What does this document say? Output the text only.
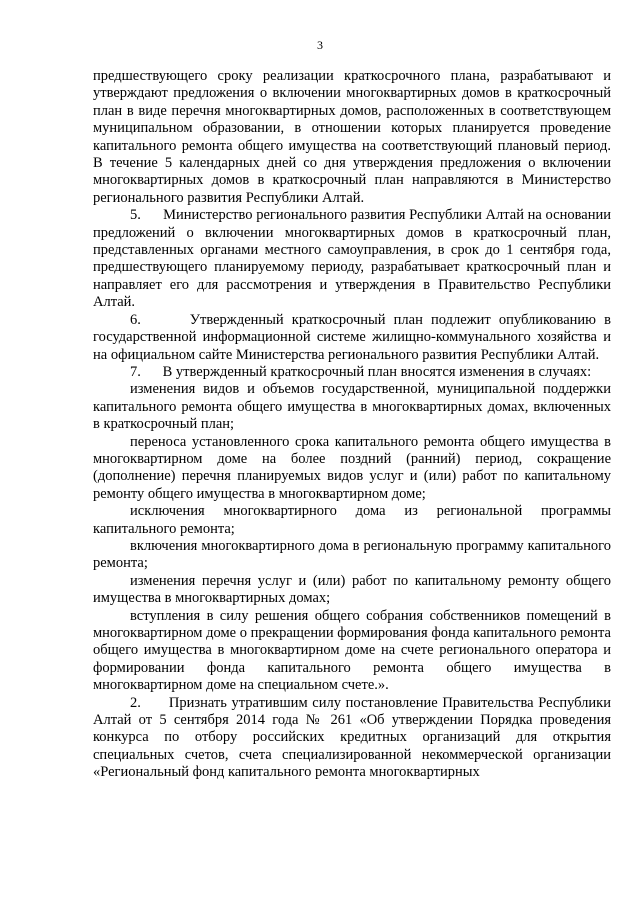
3

предшествующего сроку реализации краткосрочного плана, разрабатывают и утверждают предложения о включении многоквартирных домов в краткосрочный план в виде перечня многоквартирных домов, расположенных в соответствующем муниципальном образовании, в отношении которых планируется проведение капитального ремонта общего имущества на соответствующий плановый период. В течение 5 календарных дней со дня утверждения предложения о включении многоквартирных домов в краткосрочный план направляются в Министерство регионального развития Республики Алтай.

5.      Министерство регионального развития Республики Алтай на основании предложений о включении многоквартирных домов в краткосрочный план, представленных органами местного самоуправления, в срок до 1 сентября года, предшествующего планируемому периоду, разрабатывает краткосрочный план и направляет его для рассмотрения и утверждения в Правительство Республики Алтай.

6.      Утвержденный краткосрочный план подлежит опубликованию в государственной информационной системе жилищно-коммунального хозяйства и на официальном сайте Министерства регионального развития Республики Алтай.

7.      В утвержденный краткосрочный план вносятся изменения в случаях:

изменения видов и объемов государственной, муниципальной поддержки капитального ремонта общего имущества в многоквартирных домах, включенных в краткосрочный план;

переноса установленного срока капитального ремонта общего имущества в многоквартирном доме на более поздний (ранний) период, сокращение (дополнение) перечня планируемых видов услуг и (или) работ по капитальному ремонту общего имущества в многоквартирном доме;

исключения многоквартирного дома из региональной программы капитального ремонта;

включения многоквартирного дома в региональную программу капитального ремонта;

изменения перечня услуг и (или) работ по капитальному ремонту общего имущества в многоквартирных домах;

вступления в силу решения общего собрания собственников помещений в многоквартирном доме о прекращении формирования фонда капитального ремонта общего имущества в многоквартирном доме на счете регионального оператора и формировании фонда капитального ремонта общего имущества в многоквартирном доме на специальном счете.».

2.      Признать утратившим силу постановление Правительства Республики Алтай от 5 сентября 2014 года № 261 «Об утверждении Порядка проведения конкурса по отбору российских кредитных организаций для открытия специальных счетов, счета специализированной некоммерческой организации «Региональный фонд капитального ремонта многоквартирных
